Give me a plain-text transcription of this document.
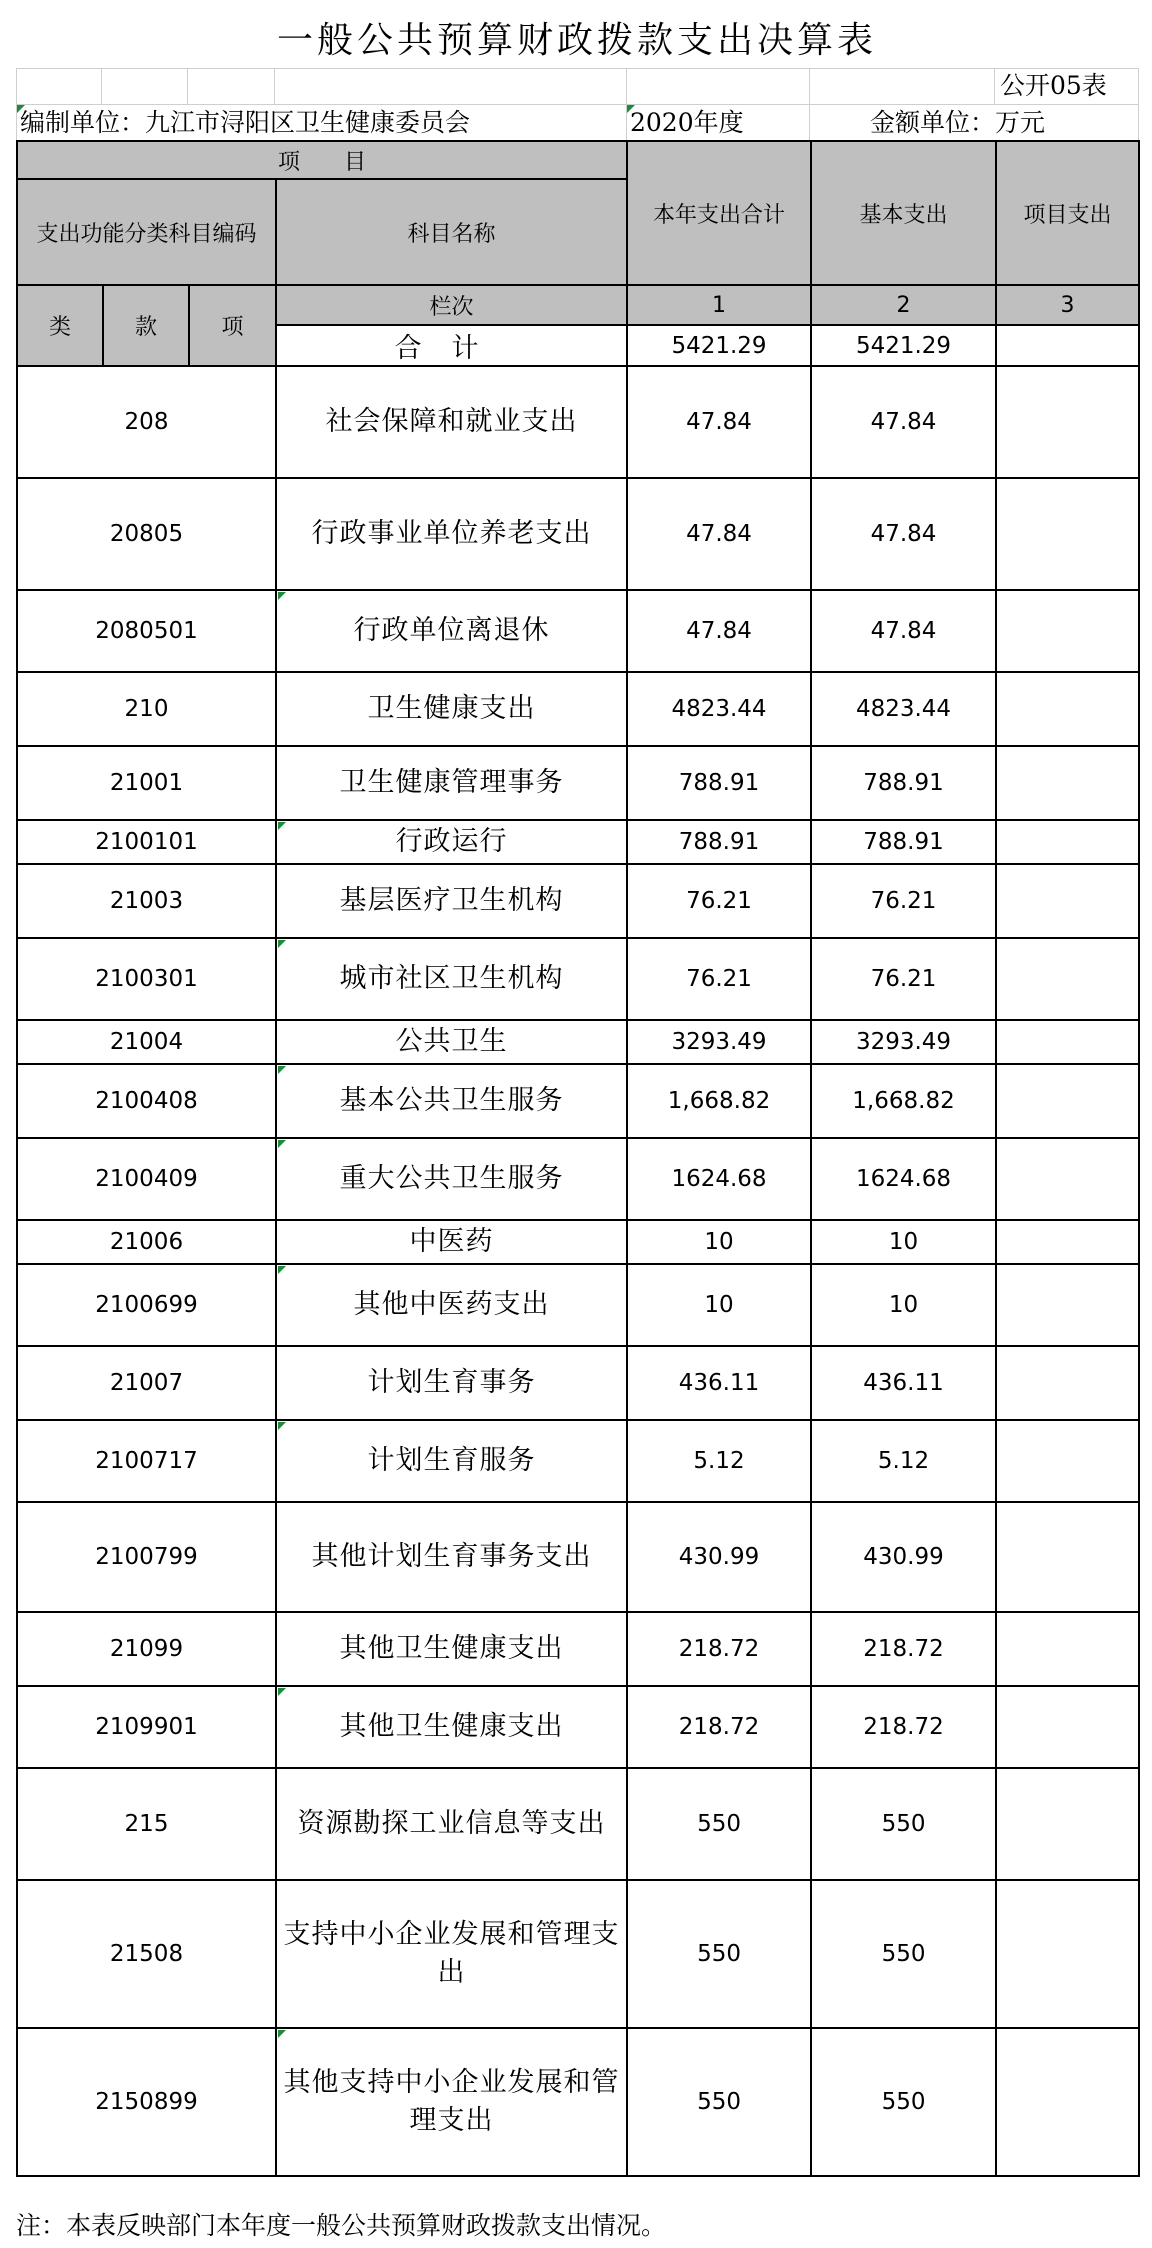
一般公共预算财政拨款支出决算表
公开05表
编制单位：九江市浔阳区卫生健康委员会	2020年度	金额单位：万元
项　　目				本年支出合计	基本支出	项目支出
支出功能分类科目编码			科目名称			

类	款	项	栏次	1	2	3
			合计	5421.29	5421.29	
208			社会保障和就业支出	47.84	47.84	
20805			行政事业单位养老支出	47.84	47.84	
2080501			行政单位离退休	47.84	47.84	
210			卫生健康支出	4823.44	4823.44	
21001			卫生健康管理事务	788.91	788.91	
2100101			行政运行	788.91	788.91	
21003			基层医疗卫生机构	76.21	76.21	
2100301			城市社区卫生机构	76.21	76.21	
21004			公共卫生	3293.49	3293.49	
2100408			基本公共卫生服务	1,668.82	1,668.82	
2100409			重大公共卫生服务	1624.68	1624.68	
21006			中医药	10	10	
2100699			其他中医药支出	10	10	
21007			计划生育事务	436.11	436.11	
2100717			计划生育服务	5.12	5.12	
2100799			其他计划生育事务支出	430.99	430.99	
21099			其他卫生健康支出	218.72	218.72	
2109901			其他卫生健康支出	218.72	218.72	
215			资源勘探工业信息等支出	550	550	
21508			支持中小企业发展和管理支出	550	550	
2150899			其他支持中小企业发展和管理支出	550	550	
注：本表反映部门本年度一般公共预算财政拨款支出情况。
